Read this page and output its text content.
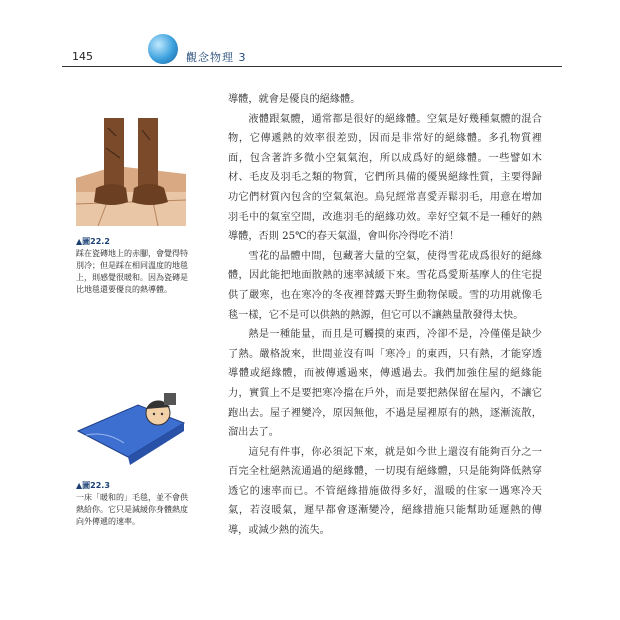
145	觀念物理 3
▲圖22.2
踩在瓷磚地上的赤腳，會覺得特別冷；但是踩在相同溫度的地毯上，則感覺很暖和。因為瓷磚是比地毯還要優良的熱導體。
▲圖22.3
一床「暖和的」毛毯，並不會供熱給你。它只是減緩你身體熱度向外傳遞的速率。

導體，就會是優良的絕緣體。

液體跟氣體，通常都是很好的絕緣體。空氣是好幾種氣體的混合物，它傳遞熱的效率很差勁，因而是非常好的絕緣體。多孔物質裡面，包含著許多微小空氣氣泡，所以成爲好的絕緣體。一些譬如木材、毛皮及羽毛之類的物質，它們所具備的優異絕緣性質，主要得歸功它們材質內包含的空氣氣泡。鳥兒經常喜愛弄鬆羽毛，用意在增加羽毛中的氣室空間，改進羽毛的絕緣功效。幸好空氣不是一種好的熱導體，否則 25℃的春天氣溫，會叫你冷得吃不消！

雪花的晶體中間，包藏著大量的空氣，使得雪花成爲很好的絕緣體，因此能把地面散熱的速率減緩下來。雪花爲愛斯基摩人的住宅提供了嚴寒，也在寒冷的冬夜裡替露天野生動物保暖。雪的功用就像毛毯一樣，它不是可以供熱的熱源，但它可以不讓熱量散發得太快。

熱是一種能量，而且是可觸摸的東西，冷卻不是，冷僅僅是缺少了熱。嚴格說來，世間並沒有叫「寒冷」的東西，只有熱，才能穿透導體或絕緣體，而被傳遞過來，傳遞過去。我們加強住屋的絕緣能力，實質上不是要把寒冷擋在戶外，而是要把熱保留在屋內，不讓它跑出去。屋子裡變冷，原因無他，不過是屋裡原有的熱，逐漸流散，溜出去了。

這兒有件事，你必須記下來，就是如今世上還沒有能夠百分之一百完全杜絕熱流通過的絕緣體，一切現有絕緣體，只是能夠降低熱穿透它的速率而已。不管絕緣措施做得多好，溫暖的住家一遇寒冷天氣，若沒暖氣，遲早都會逐漸變冷，絕緣措施只能幫助延遲熱的傳導，或減少熱的流失。
